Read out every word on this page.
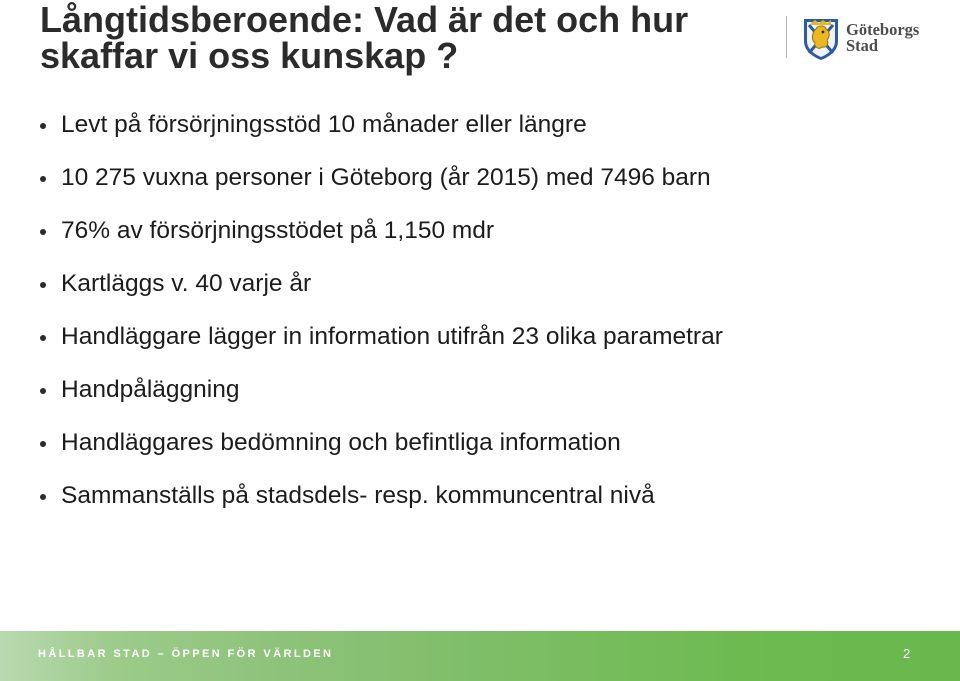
Långtidsberoende: Vad är det och hur
skaffar vi oss kunskap ?
Göteborgs
Stad
Levt på försörjningsstöd 10 månader eller längre
10 275 vuxna personer i Göteborg (år 2015) med 7496 barn
76% av försörjningsstödet på 1,150 mdr
Kartläggs v. 40 varje år
Handläggare lägger in information utifrån 23 olika parametrar
Handpåläggning
Handläggares bedömning och befintliga information
Sammanställs på stadsdels- resp. kommuncentral nivå
HÅLLBAR STAD – ÖPPEN FÖR VÄRLDEN	2
